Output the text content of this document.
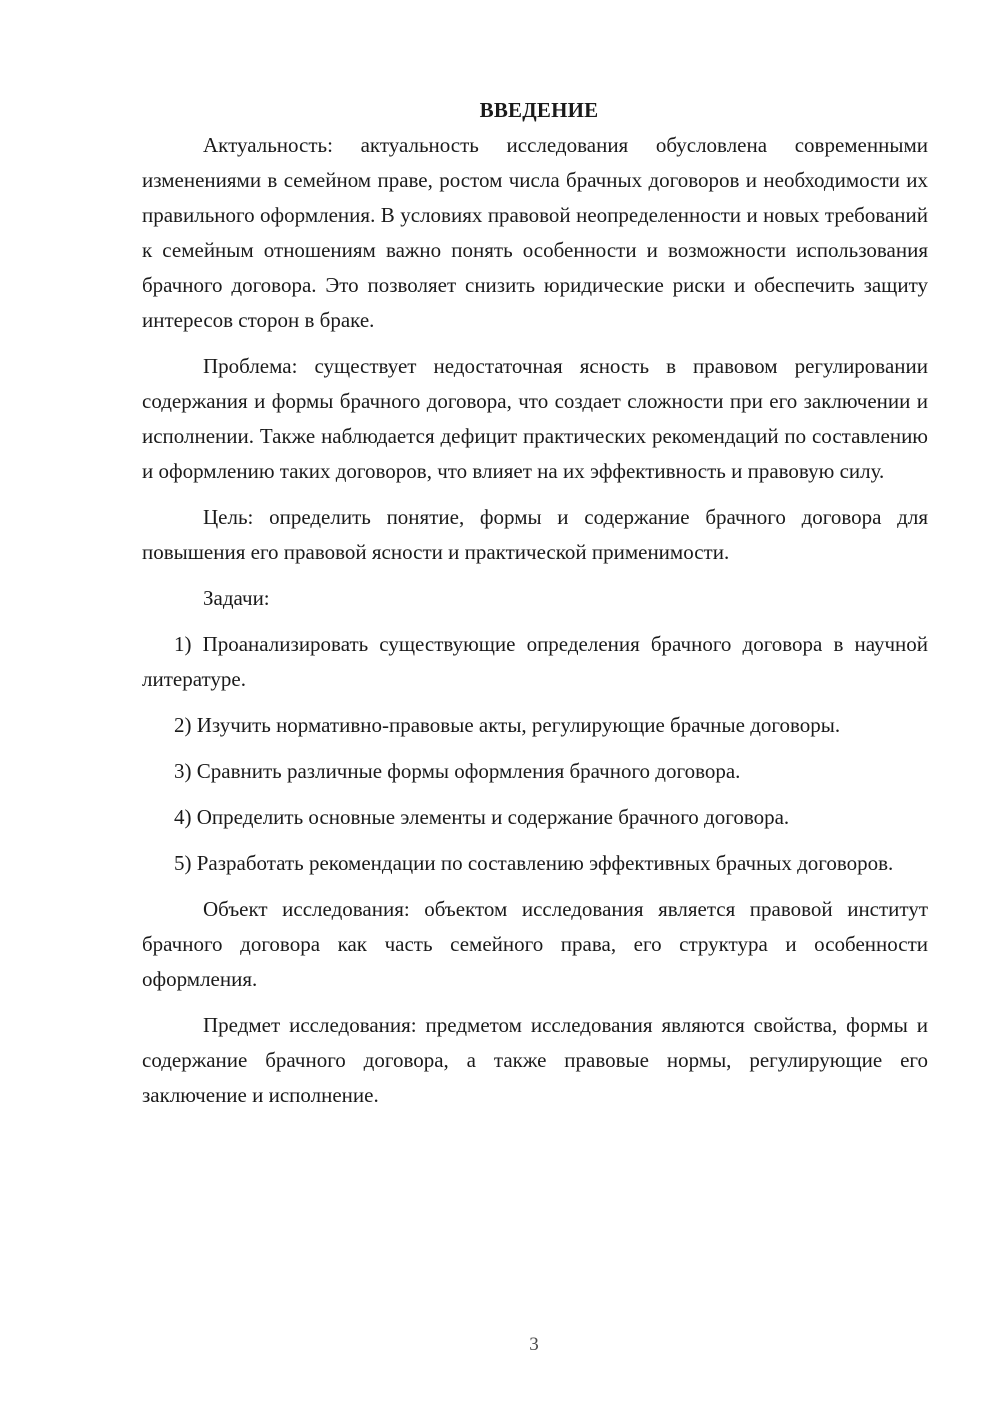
ВВЕДЕНИЕ

Актуальность: актуальность исследования обусловлена современными изменениями в семейном праве, ростом числа брачных договоров и необходимости их правильного оформления. В условиях правовой неопределенности и новых требований к семейным отношениям важно понять особенности и возможности использования брачного договора. Это позволяет снизить юридические риски и обеспечить защиту интересов сторон в браке.

Проблема: существует недостаточная ясность в правовом регулировании содержания и формы брачного договора, что создает сложности при его заключении и исполнении. Также наблюдается дефицит практических рекомендаций по составлению и оформлению таких договоров, что влияет на их эффективность и правовую силу.

Цель: определить понятие, формы и содержание брачного договора для повышения его правовой ясности и практической применимости.

Задачи:

1) Проанализировать существующие определения брачного договора в научной литературе.

2) Изучить нормативно-правовые акты, регулирующие брачные договоры.

3) Сравнить различные формы оформления брачного договора.

4) Определить основные элементы и содержание брачного договора.

5) Разработать рекомендации по составлению эффективных брачных договоров.

Объект исследования: объектом исследования является правовой институт брачного договора как часть семейного права, его структура и особенности оформления.

Предмет исследования: предметом исследования являются свойства, формы и содержание брачного договора, а также правовые нормы, регулирующие его заключение и исполнение.

3
